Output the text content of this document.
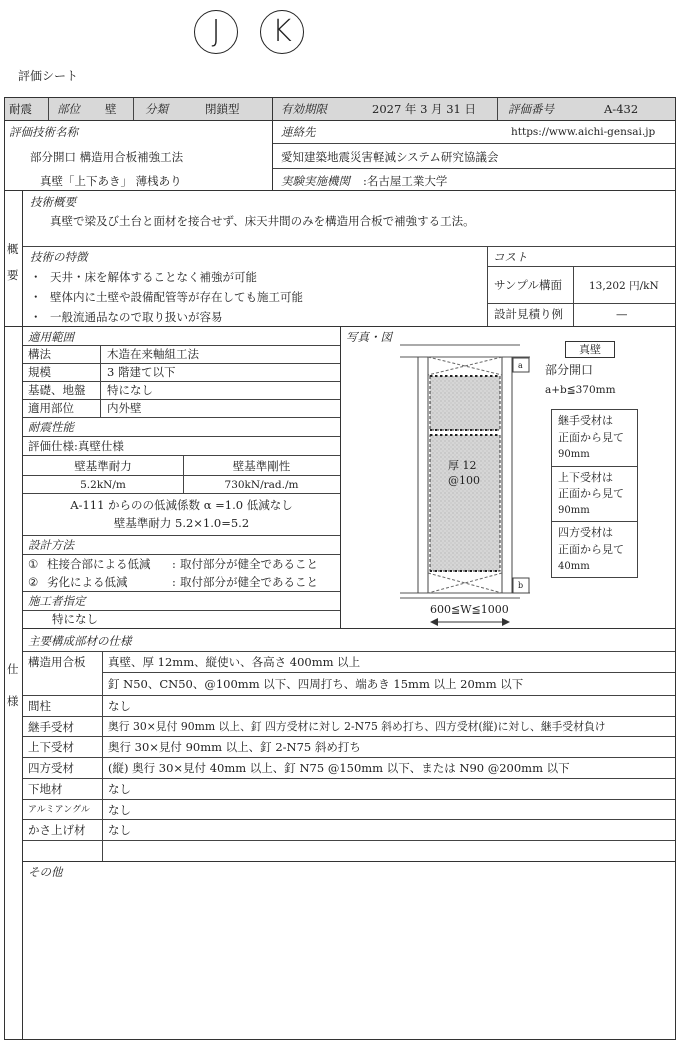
J	K
評価シート
耐震 部位 壁 分類	閉鎖型	有効期限	2027 年 3 月 31 日	評価番号	A-432
評価技術名称
部分開口 構造用合板補強工法
真壁「上下あき」 薄桟あり
連絡先	https://www.aichi-gensai.jp
愛知建築地震災害軽減システム研究協議会
実験実施機関 :名古屋工業大学
概
要
技術概要
真壁で梁及び土台と面材を接合せず、床天井間のみを構造用合板で補強する工法。
技術の特徴
・ 天井・床を解体することなく補強が可能
・ 壁体内に土壁や設備配管等が存在しても施工可能
・ 一般流通品なので取り扱いが容易
コスト
サンプル構面	13,202 円/kN
設計見積り例	—
適用範囲
構法	木造在来軸組工法
規模	3 階建て以下
基礎、地盤 特になし
適用部位	内外壁
耐震性能
評価仕様:真壁仕様
壁基準耐力	壁基準剛性
5.2kN/m	730kN/rad./m
A-111 からのの低減係数 α =1.0 低減なし
壁基準耐力 5.2×1.0=5.2
設計方法
① 柱接合部による低減 : 取付部分が健全であること
② 劣化による低減	: 取付部分が健全であること
施工者指定
特になし
写真・図
a
b
厚 12
@100
600≦W≦1000
真壁
部分開口
a+b≦370mm
継手受材は
正面から見て
90mm
上下受材は
正面から見て
90mm
四方受材は
正面から見て
40mm
仕
様
主要構成部材の仕様
構造用合板 真壁、厚 12mm、縦使い、各高さ 400mm 以上
釘 N50、CN50、@100mm 以下、四周打ち、端あき 15mm 以上 20mm 以下
間柱	なし
継手受材	奥行 30×見付 90mm 以上、釘 四方受材に対し 2-N75 斜め打ち、四方受材(縦)に対し、継手受材負け
上下受材	奥行 30×見付 90mm 以上、釘 2-N75 斜め打ち
四方受材	(縦) 奥行 30×見付 40mm 以上、釘 N75 @150mm 以下、または N90 @200mm 以下
下地材	なし
アルミアングル なし
かさ上げ材 なし
その他
